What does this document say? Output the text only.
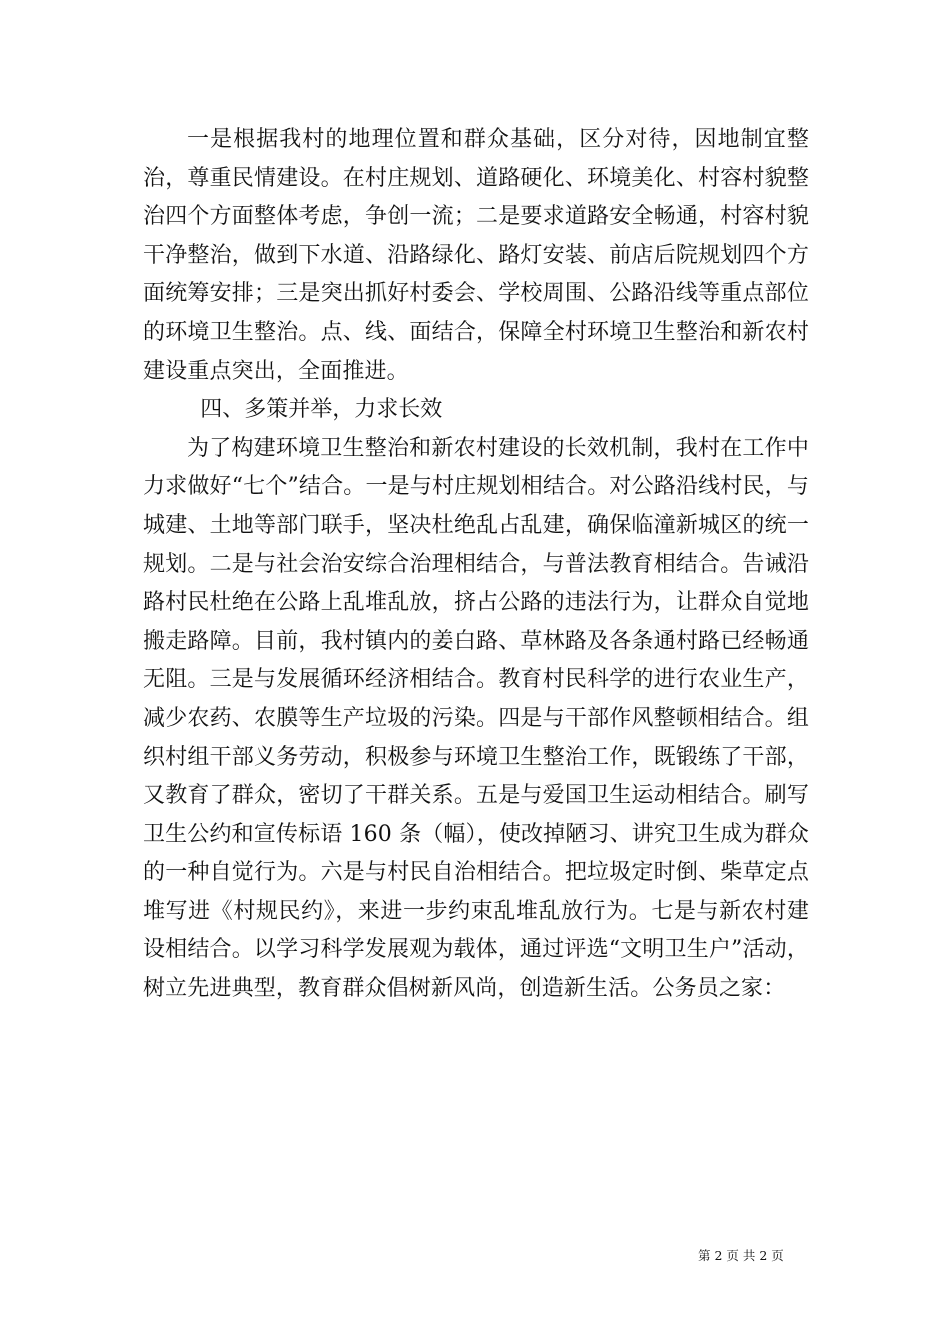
一是根据我村的地理位置和群众基础，区分对待，因地制宜整治，尊重民情建设。在村庄规划、道路硬化、环境美化、村容村貌整治四个方面整体考虑，争创一流；二是要求道路安全畅通，村容村貌干净整治，做到下水道、沿路绿化、路灯安装、前店后院规划四个方面统筹安排；三是突出抓好村委会、学校周围、公路沿线等重点部位的环境卫生整治。点、线、面结合，保障全村环境卫生整治和新农村建设重点突出，全面推进。

四、多策并举，力求长效

为了构建环境卫生整治和新农村建设的长效机制，我村在工作中力求做好“七个”结合。一是与村庄规划相结合。对公路沿线村民，与城建、土地等部门联手，坚决杜绝乱占乱建，确保临潼新城区的统一规划。二是与社会治安综合治理相结合，与普法教育相结合。告诫沿路村民杜绝在公路上乱堆乱放，挤占公路的违法行为，让群众自觉地搬走路障。目前，我村镇内的姜白路、草林路及各条通村路已经畅通无阻。三是与发展循环经济相结合。教育村民科学的进行农业生产，减少农药、农膜等生产垃圾的污染。四是与干部作风整顿相结合。组织村组干部义务劳动，积极参与环境卫生整治工作，既锻练了干部，又教育了群众，密切了干群关系。五是与爱国卫生运动相结合。刷写卫生公约和宣传标语 160 条（幅），使改掉陋习、讲究卫生成为群众的一种自觉行为。六是与村民自治相结合。把垃圾定时倒、柴草定点堆写进《村规民约》，来进一步约束乱堆乱放行为。七是与新农村建设相结合。以学习科学发展观为载体，通过评选“文明卫生户”活动，树立先进典型，教育群众倡树新风尚，创造新生活。公务员之家：

第 2 页 共 2 页
